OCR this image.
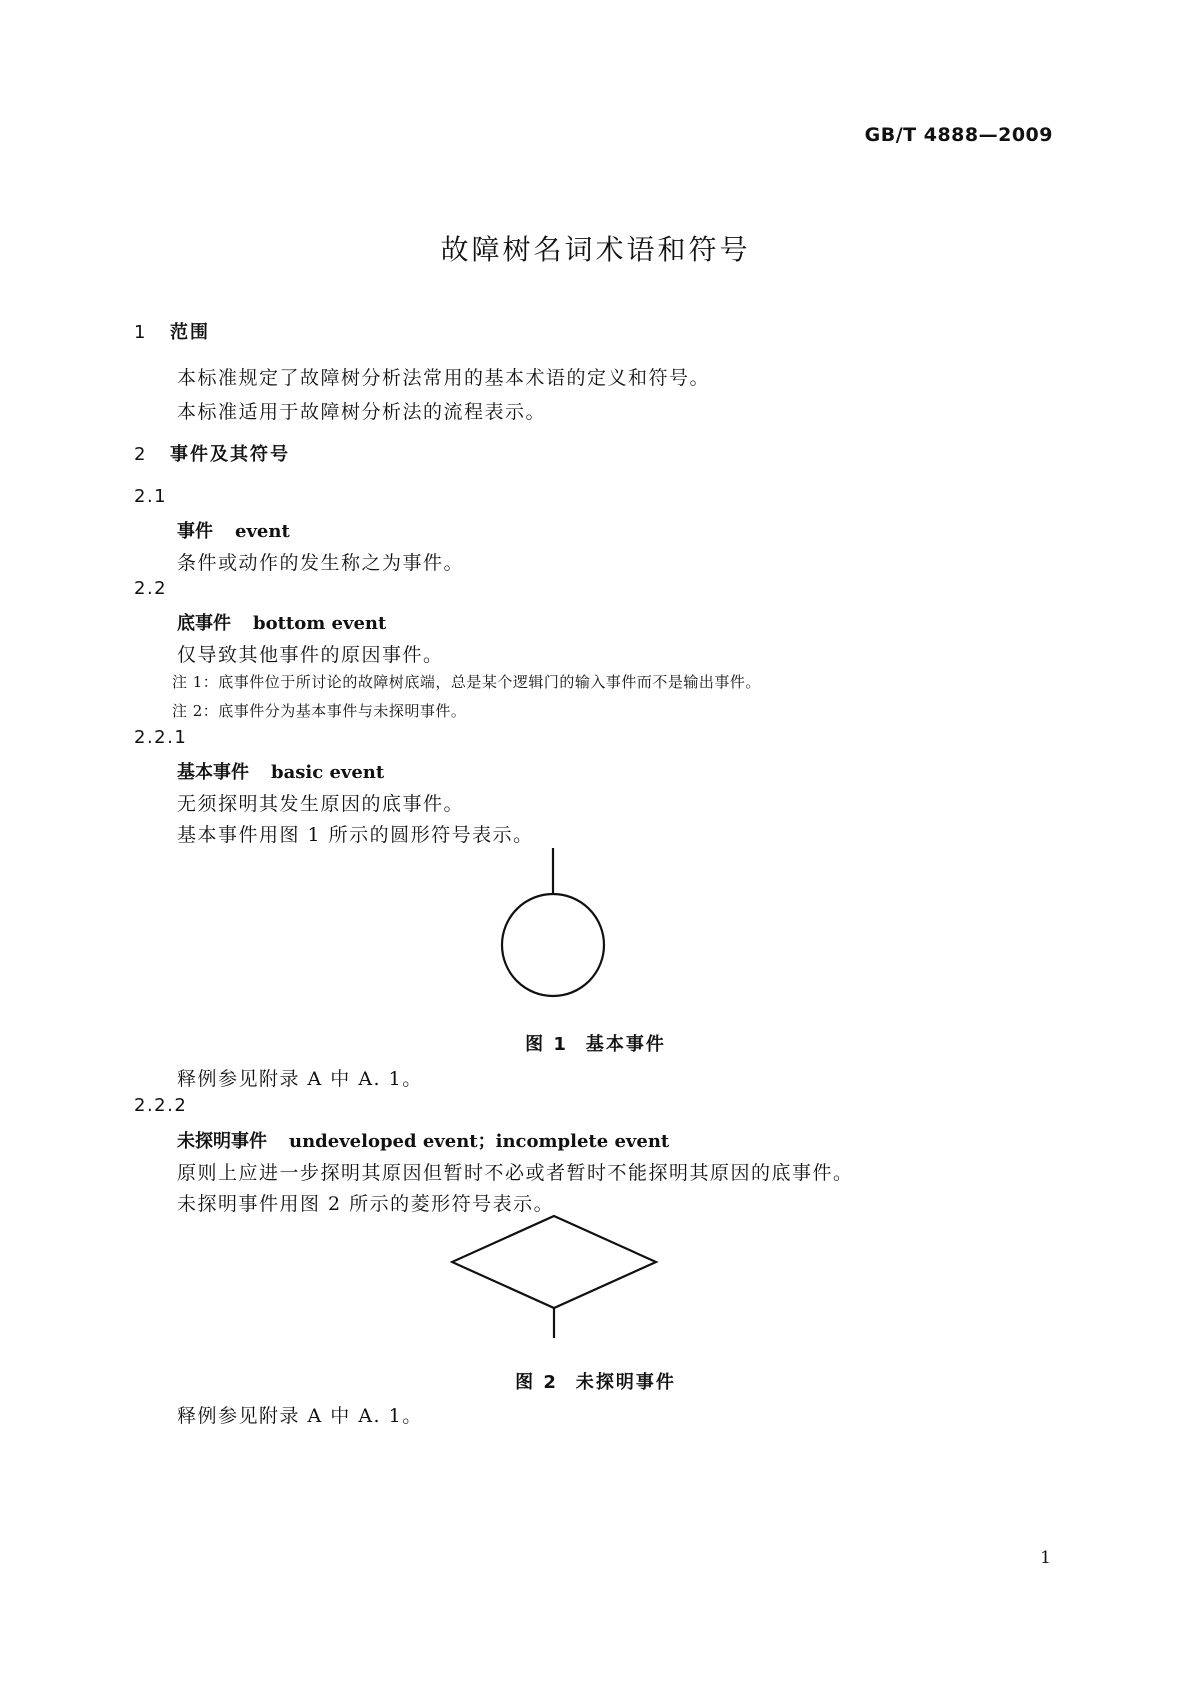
GB/T 4888—2009
故障树名词术语和符号
1 范围
本标准规定了故障树分析法常用的基本术语的定义和符号。
本标准适用于故障树分析法的流程表示。
2 事件及其符号
2.1
事件 event
条件或动作的发生称之为事件。
2.2
底事件 bottom event
仅导致其他事件的原因事件。
注 1：底事件位于所讨论的故障树底端，总是某个逻辑门的输入事件而不是输出事件。
注 2：底事件分为基本事件与未探明事件。
2.2.1
基本事件 basic event
无须探明其发生原因的底事件。
基本事件用图 1 所示的圆形符号表示。
图 1 基本事件
释例参见附录 A 中 A. 1。
2.2.2
未探明事件 undeveloped event；incomplete event
原则上应进一步探明其原因但暂时不必或者暂时不能探明其原因的底事件。
未探明事件用图 2 所示的菱形符号表示。
图 2 未探明事件
释例参见附录 A 中 A. 1。
1
